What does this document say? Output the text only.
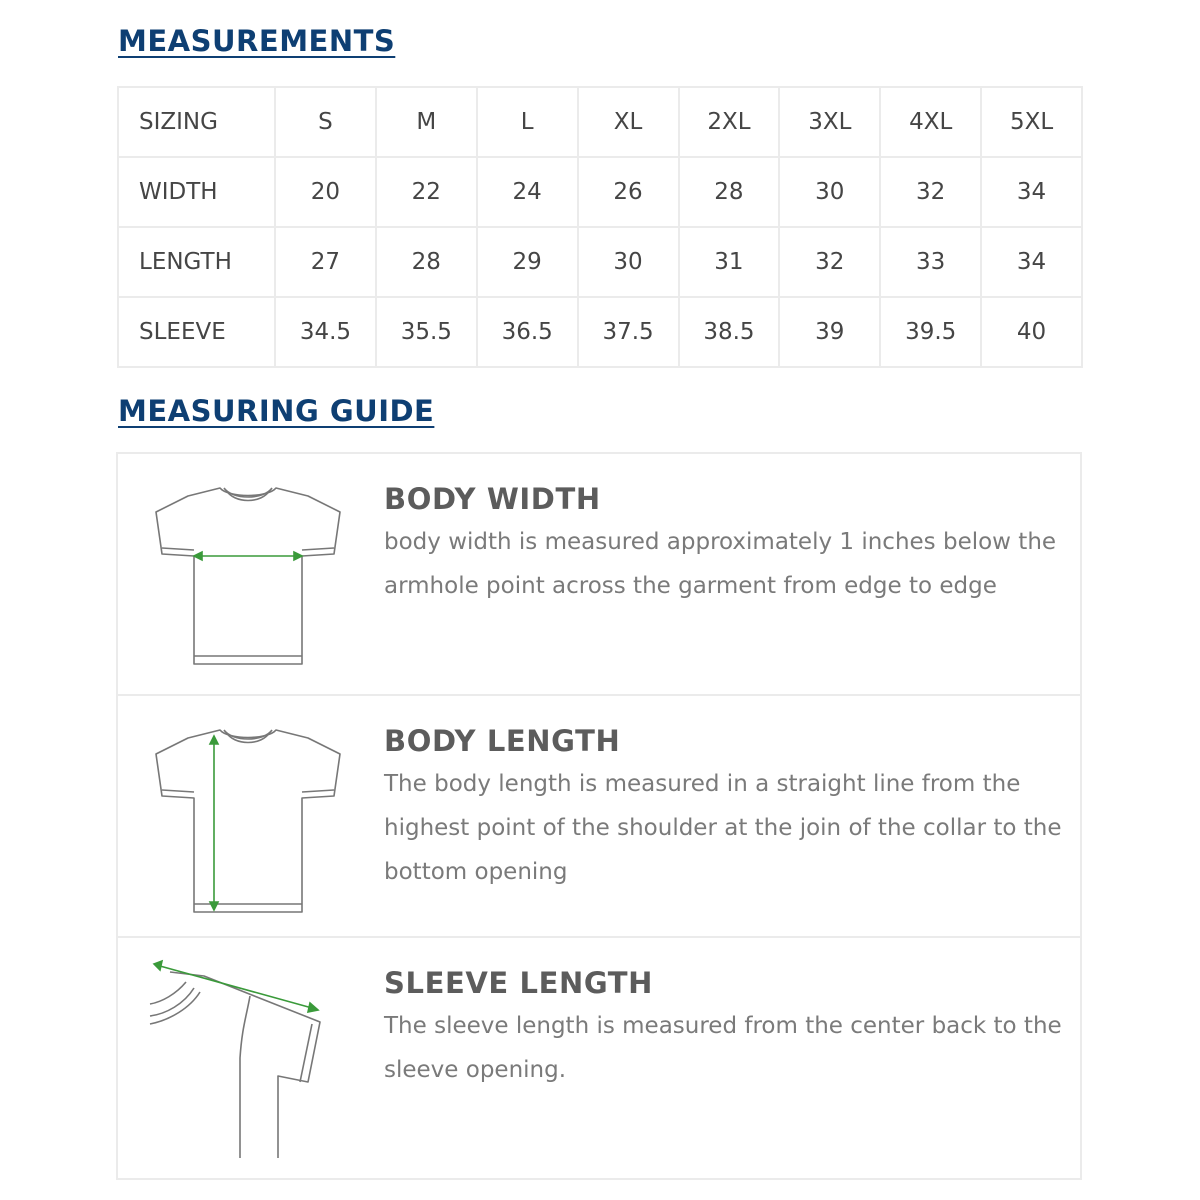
MEASUREMENTS
SIZING	S	M	L	XL	2XL	3XL	4XL	5XL
WIDTH	20	22	24	26	28	30	32	34
LENGTH	27	28	29	30	31	32	33	34
SLEEVE	34.5	35.5	36.5	37.5	38.5	39	39.5	40
MEASURING GUIDE
BODY WIDTH

body width is measured approximately 1 inches below the armhole point across the garment from edge to edge

BODY LENGTH

The body length is measured in a straight line from the highest point of the shoulder at the join of the collar to the bottom opening

SLEEVE LENGTH

The sleeve length is measured from the center back to the sleeve opening.
